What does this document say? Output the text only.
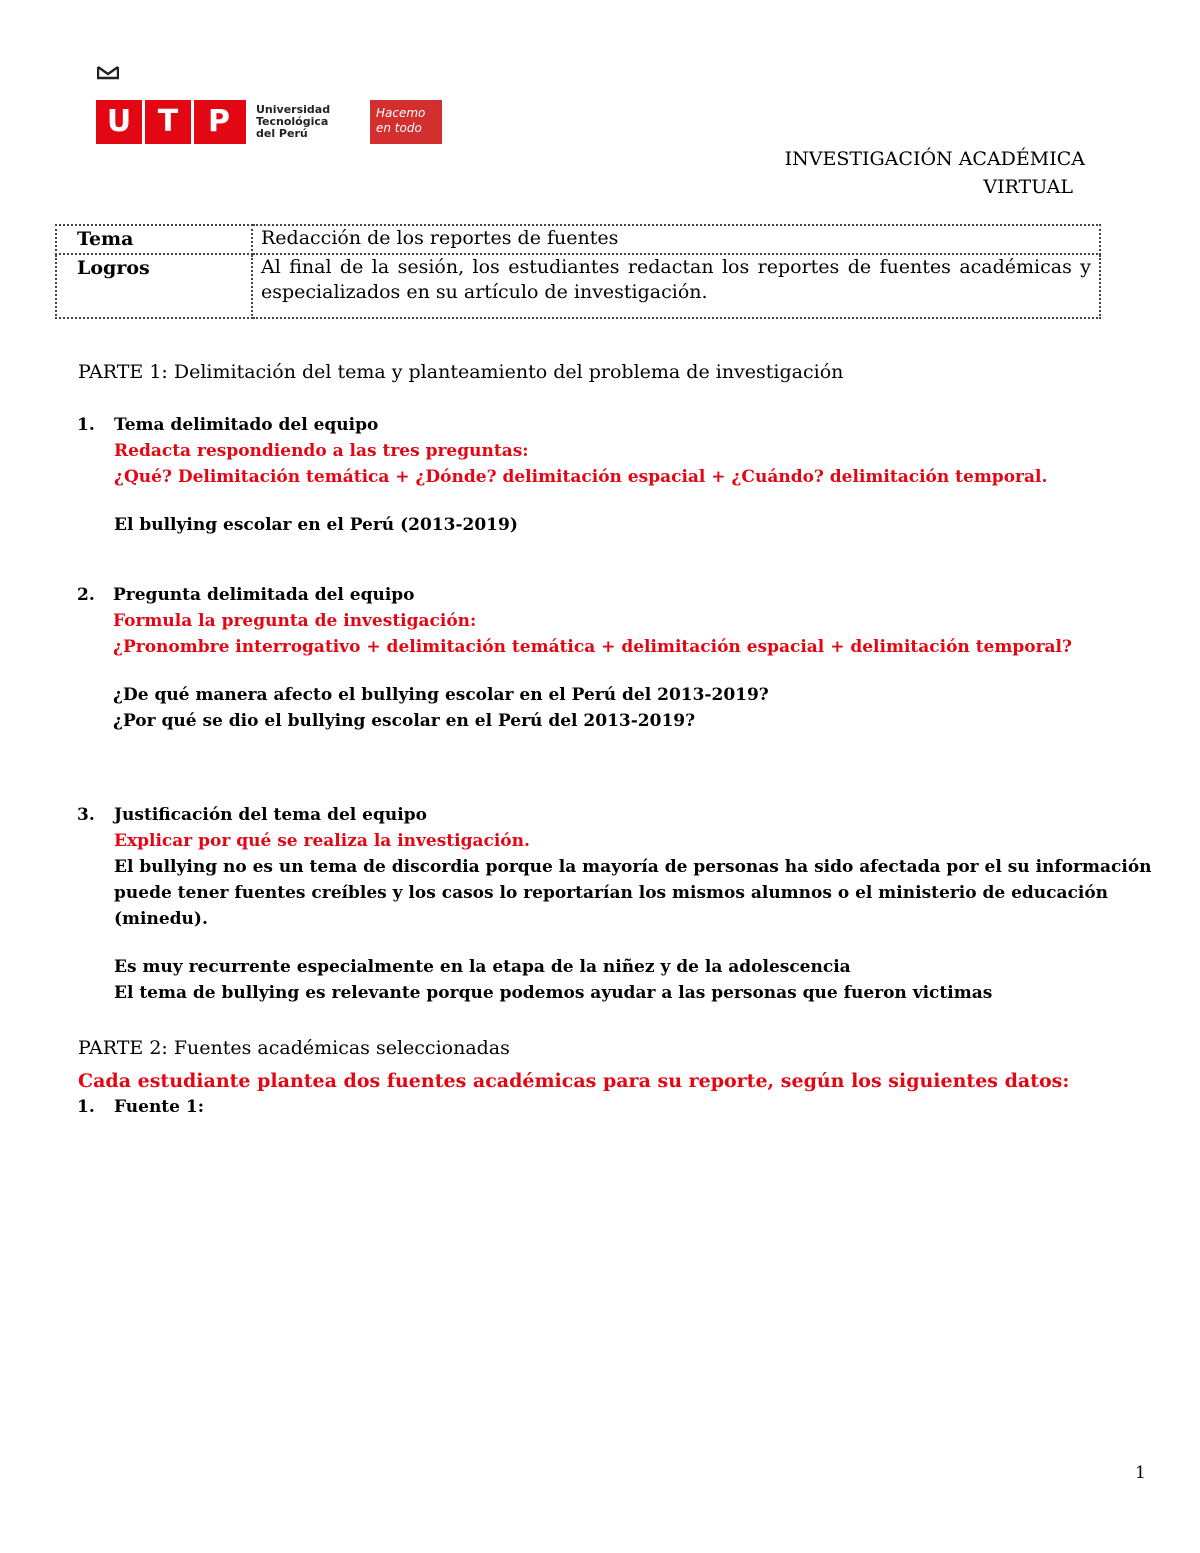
U T P	Universidad
Tecnológica
del Perú
Hacemo
en todo
INVESTIGACIÓN ACADÉMICA
VIRTUAL
Tema	Redacción de los reportes de fuentes
Logros	Al final de la sesión, los estudiantes redactan los reportes de fuentes académicas y especializados en su artículo de investigación.
PARTE 1: Delimitación del tema y planteamiento del problema de investigación
1. Tema delimitado del equipo

Redacta respondiendo a las tres preguntas:

¿Qué? Delimitación temática + ¿Dónde? delimitación espacial + ¿Cuándo? delimitación temporal.

El bullying escolar en el Perú (2013-2019)

2. Pregunta delimitada del equipo

Formula la pregunta de investigación:

¿Pronombre interrogativo + delimitación temática + delimitación espacial + delimitación temporal?

¿De qué manera afecto el bullying escolar en el Perú del 2013-2019?

¿Por qué se dio el bullying escolar en el Perú del 2013-2019?

3. Justificación del tema del equipo

Explicar por qué se realiza la investigación.

El bullying no es un tema de discordia porque la mayoría de personas ha sido afectada por el su información

puede tener fuentes creíbles y los casos lo reportarían los mismos alumnos o el ministerio de educación (minedu).

Es muy recurrente especialmente en la etapa de la niñez y de la adolescencia

El tema de bullying es relevante porque podemos ayudar a las personas que fueron victimas

PARTE 2: Fuentes académicas seleccionadas
Cada estudiante plantea dos fuentes académicas para su reporte, según los siguientes datos:
1. Fuente 1:

1
